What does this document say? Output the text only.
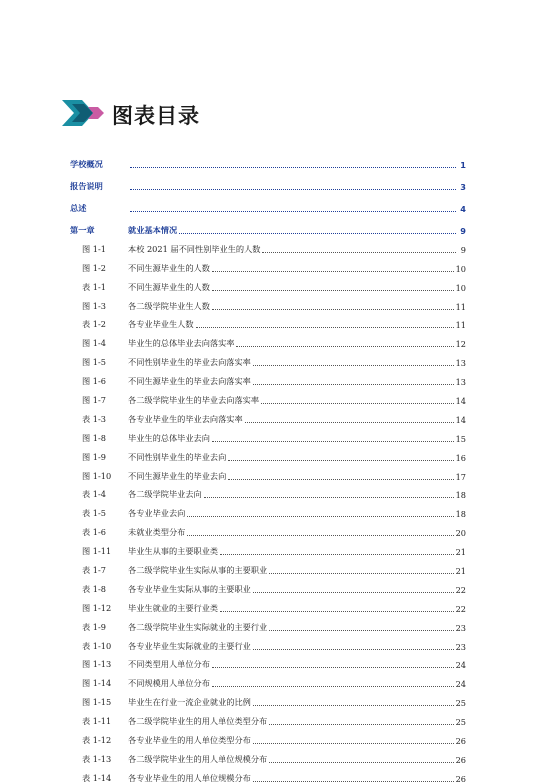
图表目录
学校概况	1
报告说明	3
总述	4
第一章	就业基本情况	9
图 1-1	本校 2021 届不同性别毕业生的人数	9
图 1-2	不同生源毕业生的人数	10
表 1-1	不同生源毕业生的人数	10
图 1-3	各二级学院毕业生人数	11
表 1-2	各专业毕业生人数	11
图 1-4	毕业生的总体毕业去向落实率	12
图 1-5	不同性别毕业生的毕业去向落实率	13
图 1-6	不同生源毕业生的毕业去向落实率	13
图 1-7	各二级学院毕业生的毕业去向落实率	14
表 1-3	各专业毕业生的毕业去向落实率	14
图 1-8	毕业生的总体毕业去向	15
图 1-9	不同性别毕业生的毕业去向	16
图 1-10	不同生源毕业生的毕业去向	17
表 1-4	各二级学院毕业去向	18
表 1-5	各专业毕业去向	18
表 1-6	未就业类型分布	20
图 1-11	毕业生从事的主要职业类	21
表 1-7	各二级学院毕业生实际从事的主要职业	21
表 1-8	各专业毕业生实际从事的主要职业	22
图 1-12	毕业生就业的主要行业类	22
表 1-9	各二级学院毕业生实际就业的主要行业	23
表 1-10	各专业毕业生实际就业的主要行业	23
图 1-13	不同类型用人单位分布	24
图 1-14	不同规模用人单位分布	24
图 1-15	毕业生在行业一流企业就业的比例	25
表 1-11	各二级学院毕业生的用人单位类型分布	25
表 1-12	各专业毕业生的用人单位类型分布	26
表 1-13	各二级学院毕业生的用人单位规模分布	26
表 1-14	各专业毕业生的用人单位规模分布	26
